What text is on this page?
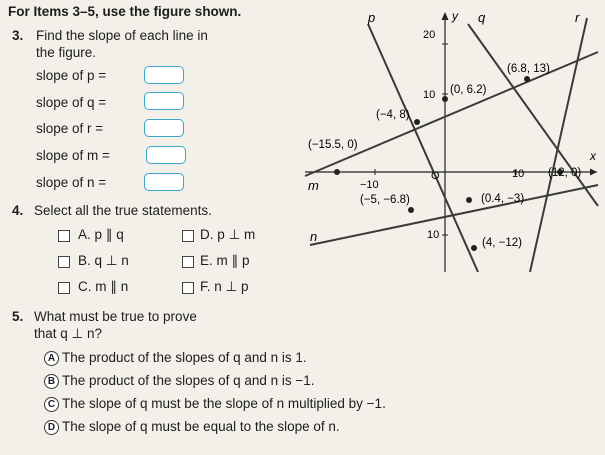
For Items 3–5, use the figure shown.
3. Find the slope of each line in
the figure.
slope of p =
slope of q =
slope of r =
slope of m =
slope of n =
4. Select all the true statements.
A. p ∥ q	D. p ⊥ m
B. q ⊥ n	E. m ∥ p
C. m ∥ n	F. n ⊥ p
5. What must be true to prove
that q ⊥ n?
A The product of the slopes of q and n is 1.
B The product of the slopes of q and n is −1.
C The slope of q must be the slope of n multiplied by −1.
D The slope of q must be equal to the slope of n.
p	q	r
m
n
y
x
20
10
10
−10
10
O
(6.8, 13)
(0, 6.2)
(−4, 8)
(−15.5, 0)
(12, 0)
(−5, −6.8)	(0.4, −3)
(4, −12)
